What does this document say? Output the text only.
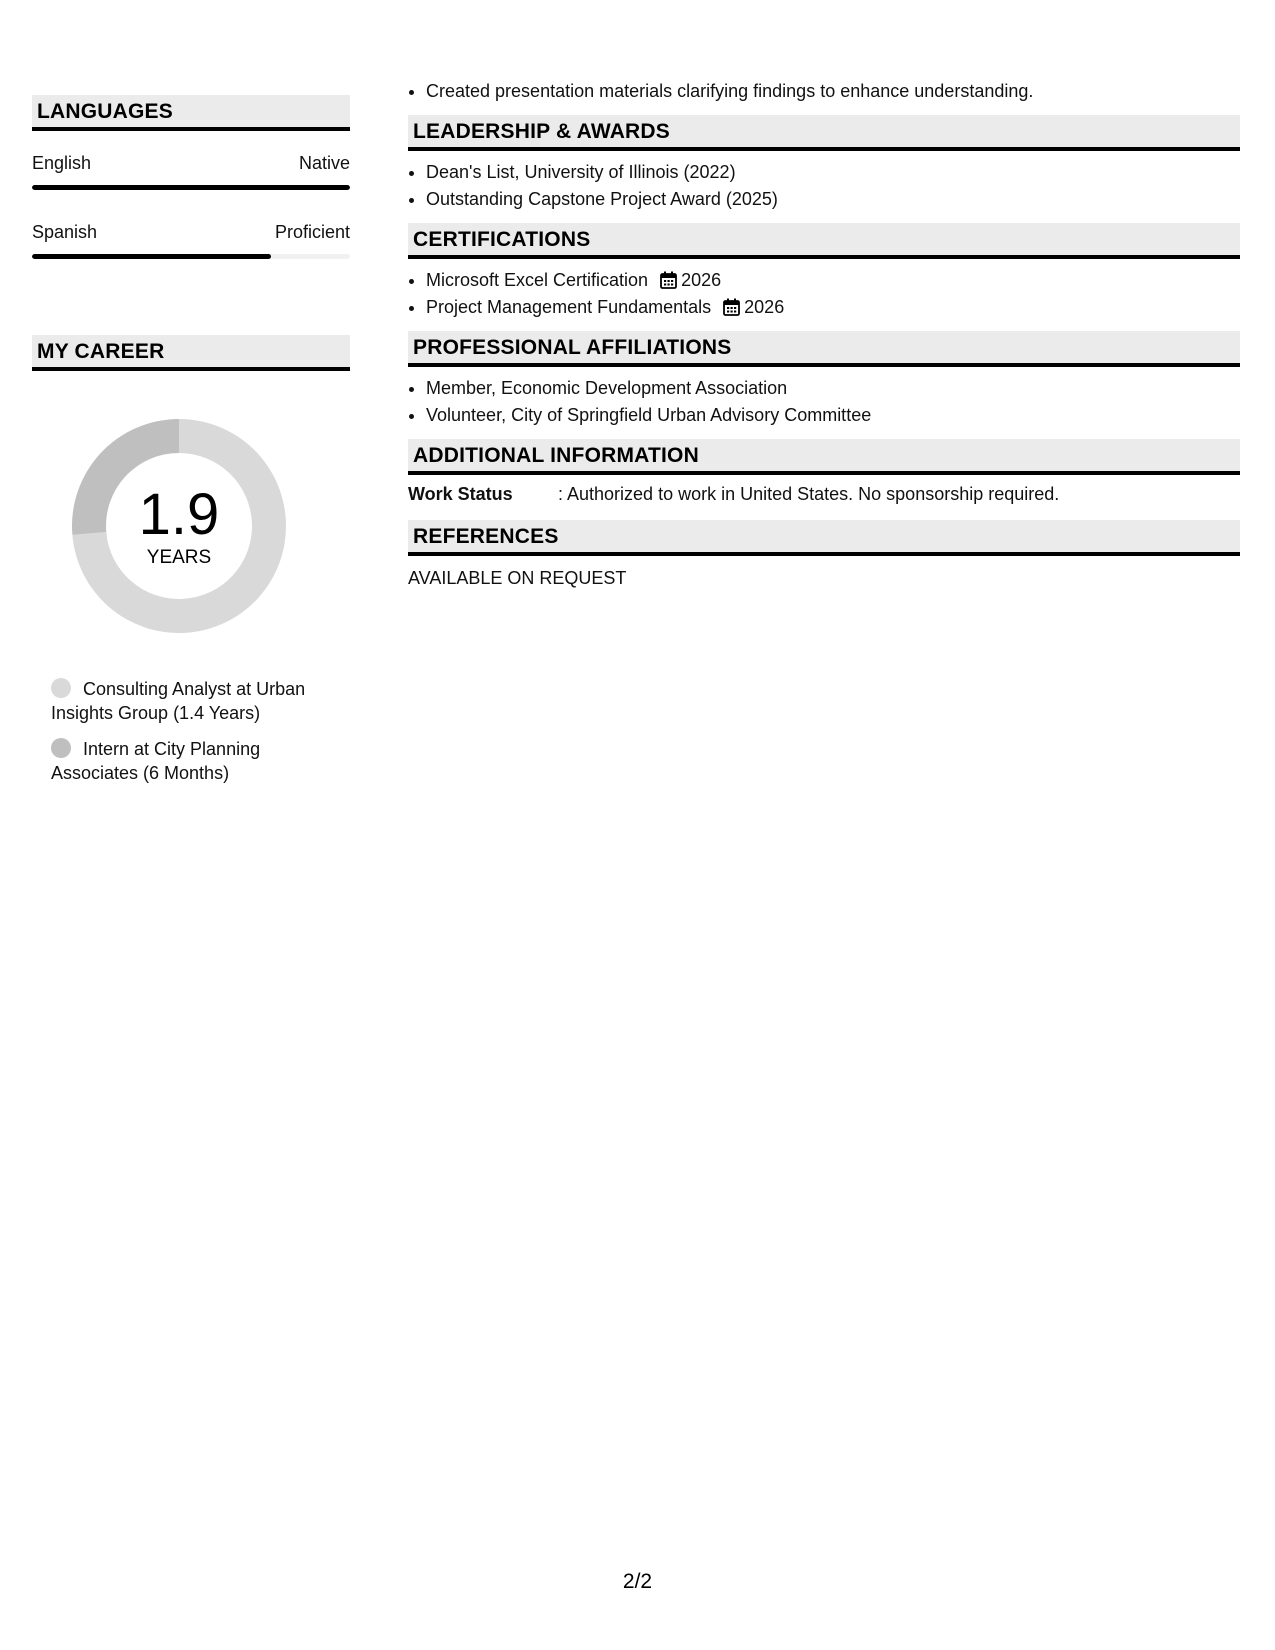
LANGUAGES
English	Native
Spanish	Proficient
MY CAREER
1.9
YEARS
Consulting Analyst at Urban Insights Group (1.4 Years)
Intern at City Planning Associates (6 Months)
• Created presentation materials clarifying findings to enhance understanding.
LEADERSHIP & AWARDS
• Dean's List, University of Illinois (2022)
• Outstanding Capstone Project Award (2025)
CERTIFICATIONS
• Microsoft Excel Certification 2026
• Project Management Fundamentals 2026
PROFESSIONAL AFFILIATIONS
• Member, Economic Development Association
• Volunteer, City of Springfield Urban Advisory Committee
ADDITIONAL INFORMATION
Work Status	: Authorized to work in United States. No sponsorship required.
REFERENCES
AVAILABLE ON REQUEST
2/2
